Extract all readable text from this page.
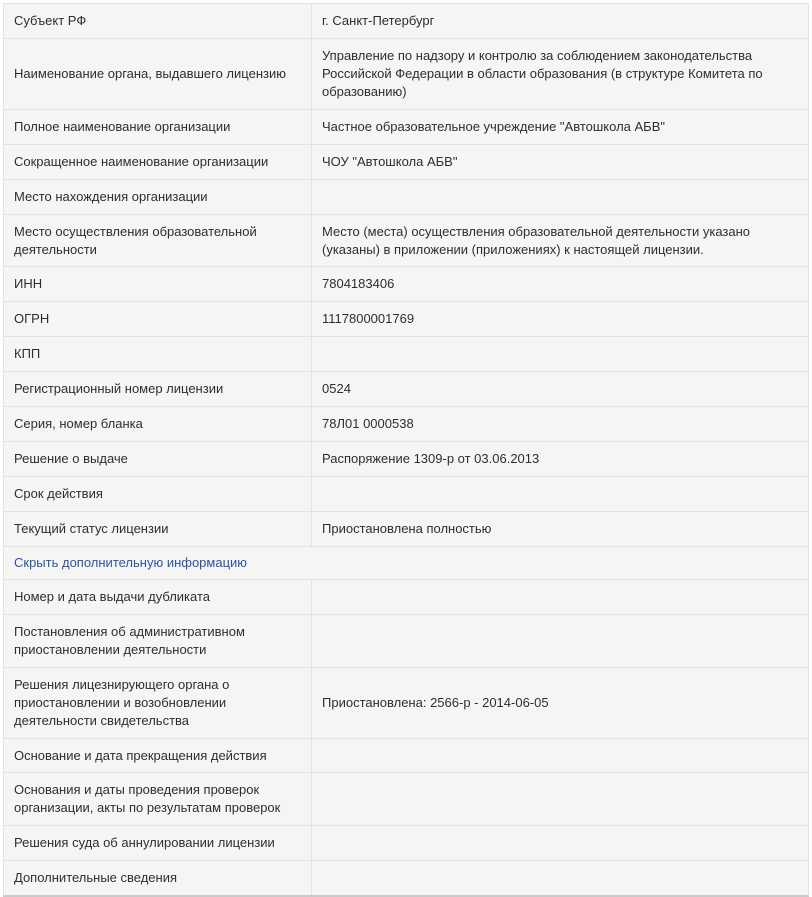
Субъект РФ	г. Санкт-Петербург
Наименование органа, выдавшего лицензию	Управление по надзору и контролю за соблюдением законодательства Российской Федерации в области образования (в структуре Комитета по образованию)
Полное наименование организации	Частное образовательное учреждение "Автошкола АБВ"
Сокращенное наименование организации	ЧОУ "Автошкола АБВ"
Место нахождения организации	
Место осуществления образовательной деятельности	Место (места) осуществления образовательной деятельности указано (указаны) в приложении (приложениях) к настоящей лицензии.
ИНН	7804183406
ОГРН	1117800001769
КПП	
Регистрационный номер лицензии	0524
Серия, номер бланка	78Л01 0000538
Решение о выдаче	Распоряжение 1309-р от 03.06.2013
Срок действия	
Текущий статус лицензии	Приостановлена полностью
Скрыть дополнительную информацию	
Номер и дата выдачи дубликата	
Постановления об административном приостановлении деятельности	
Решения лицезнирующего органа о приостановлении и возобновлении деятельности свидетельства	Приостановлена: 2566-р - 2014-06-05
Основание и дата прекращения действия	
Основания и даты проведения проверок организации, акты по результатам проверок	
Решения суда об аннулировании лицензии	
Дополнительные сведения	
